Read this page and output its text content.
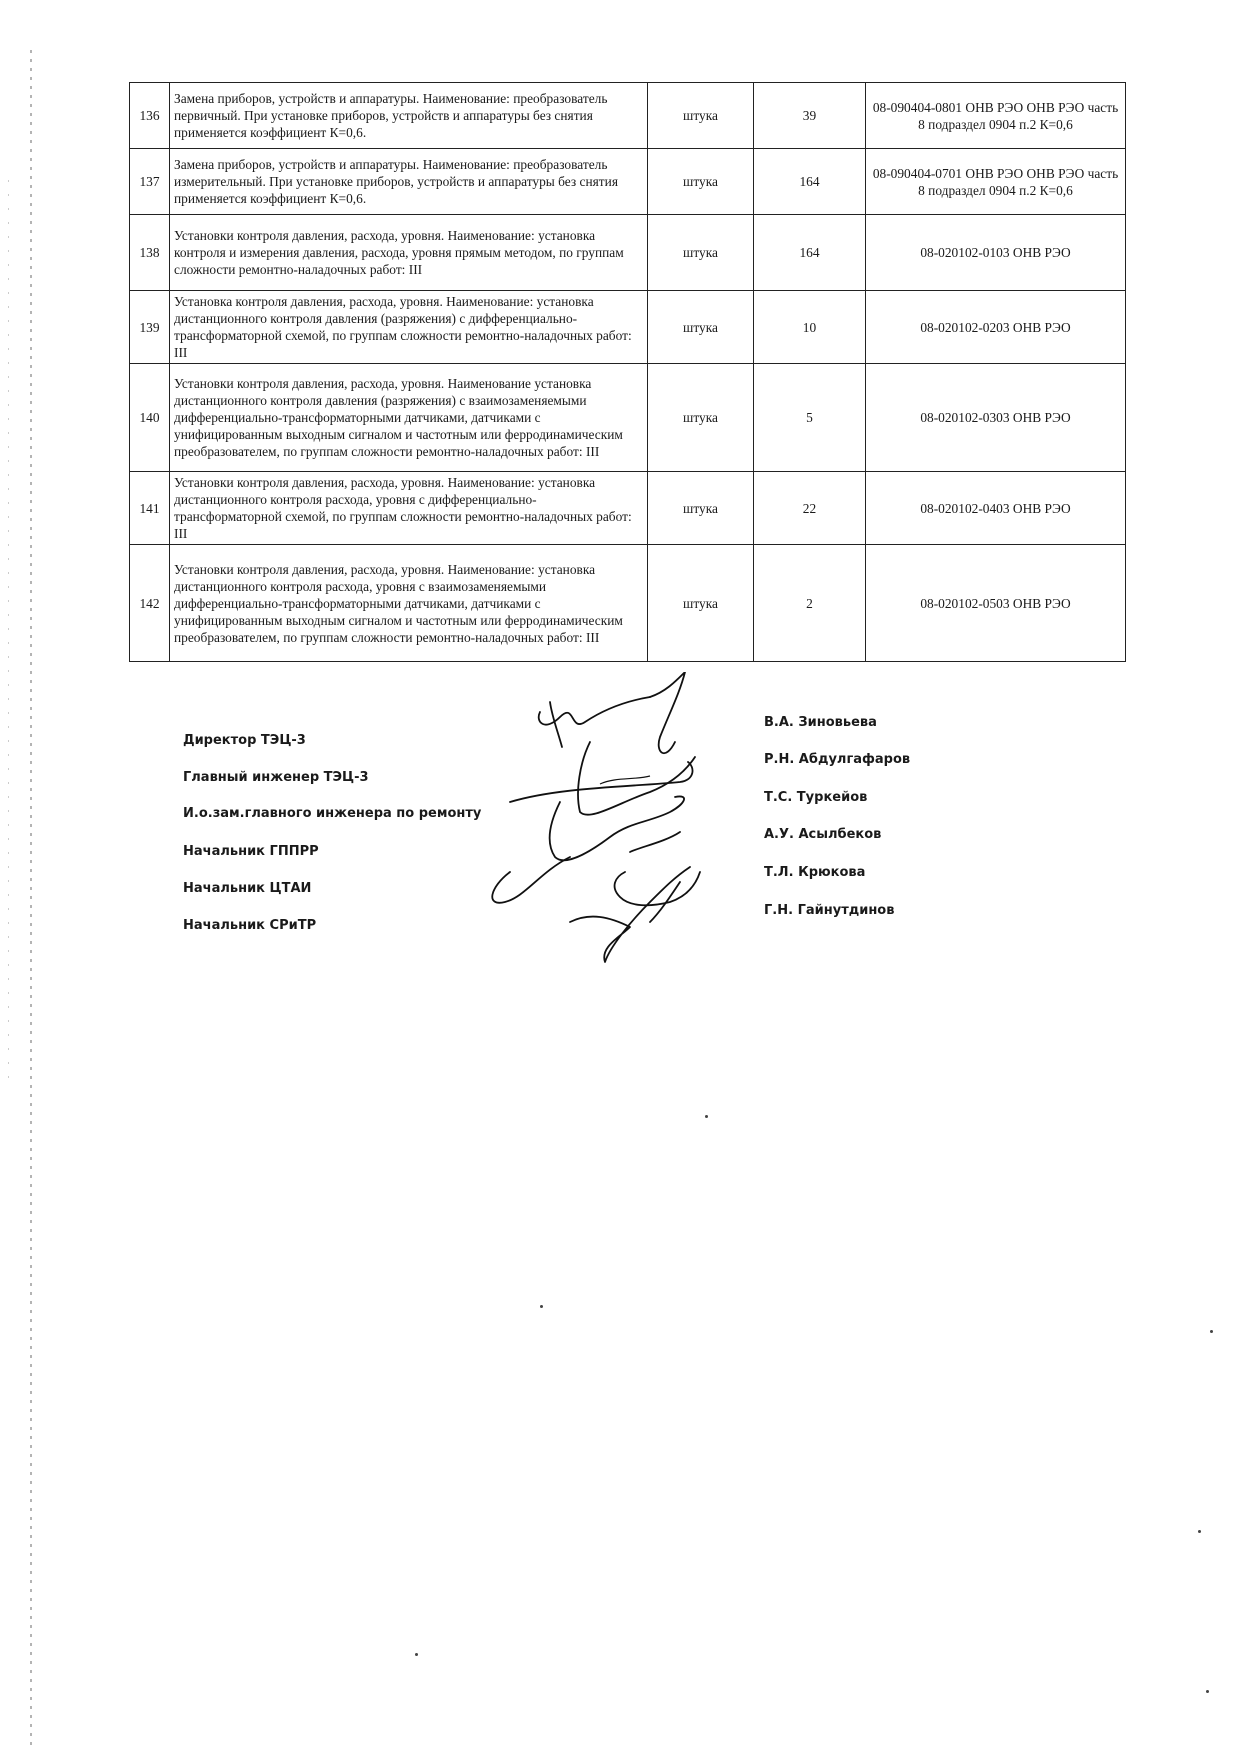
136	Замена приборов, устройств и аппаратуры. Наименование: преобразователь первичный. При установке приборов, устройств и аппаратуры без снятия применяется коэффициент К=0,6.	штука	39	08-090404-0801 ОНВ РЭО ОНВ РЭО часть 8 подраздел 0904 п.2 К=0,6
137	Замена приборов, устройств и аппаратуры. Наименование: преобразователь измерительный. При установке приборов, устройств и аппаратуры без снятия применяется коэффициент К=0,6.	штука	164	08-090404-0701 ОНВ РЭО ОНВ РЭО часть 8 подраздел 0904 п.2 К=0,6
138	Установки контроля давления, расхода, уровня. Наименование: установка контроля и измерения давления, расхода, уровня прямым методом, по группам сложности ремонтно-наладочных работ: III	штука	164	08-020102-0103 ОНВ РЭО
139	Установка контроля давления, расхода, уровня. Наименование: установка дистанционного контроля давления (разряжения) с дифференциально-трансформаторной схемой, по группам сложности ремонтно-наладочных работ: III	штука	10	08-020102-0203 ОНВ РЭО
140	Установки контроля давления, расхода, уровня. Наименование установка дистанционного контроля давления (разряжения) с взаимозаменяемыми дифференциально-трансформаторными датчиками, датчиками с унифицированным выходным сигналом и частотным или ферродинамическим преобразователем, по группам сложности ремонтно-наладочных работ: III	штука	5	08-020102-0303 ОНВ РЭО
141	Установки контроля давления, расхода, уровня. Наименование: установка дистанционного контроля расхода, уровня с дифференциально-трансформаторной схемой, по группам сложности ремонтно-наладочных работ: III	штука	22	08-020102-0403 ОНВ РЭО
142	Установки контроля давления, расхода, уровня. Наименование: установка дистанционного контроля расхода, уровня с взаимозаменяемыми дифференциально-трансформаторными датчиками, датчиками с унифицированным выходным сигналом и частотным или ферродинамическим преобразователем, по группам сложности ремонтно-наладочных работ: III	штука	2	08-020102-0503 ОНВ РЭО
Директор ТЭЦ-3
Главный инженер ТЭЦ-3
И.о.зам.главного инженера по ремонту
Начальник ГППРР
Начальник ЦТАИ
Начальник СРиТР
В.А. Зиновьева
Р.Н. Абдулгафаров
Т.С. Туркейов
А.У. Асылбеков
Т.Л. Крюкова
Г.Н. Гайнутдинов
